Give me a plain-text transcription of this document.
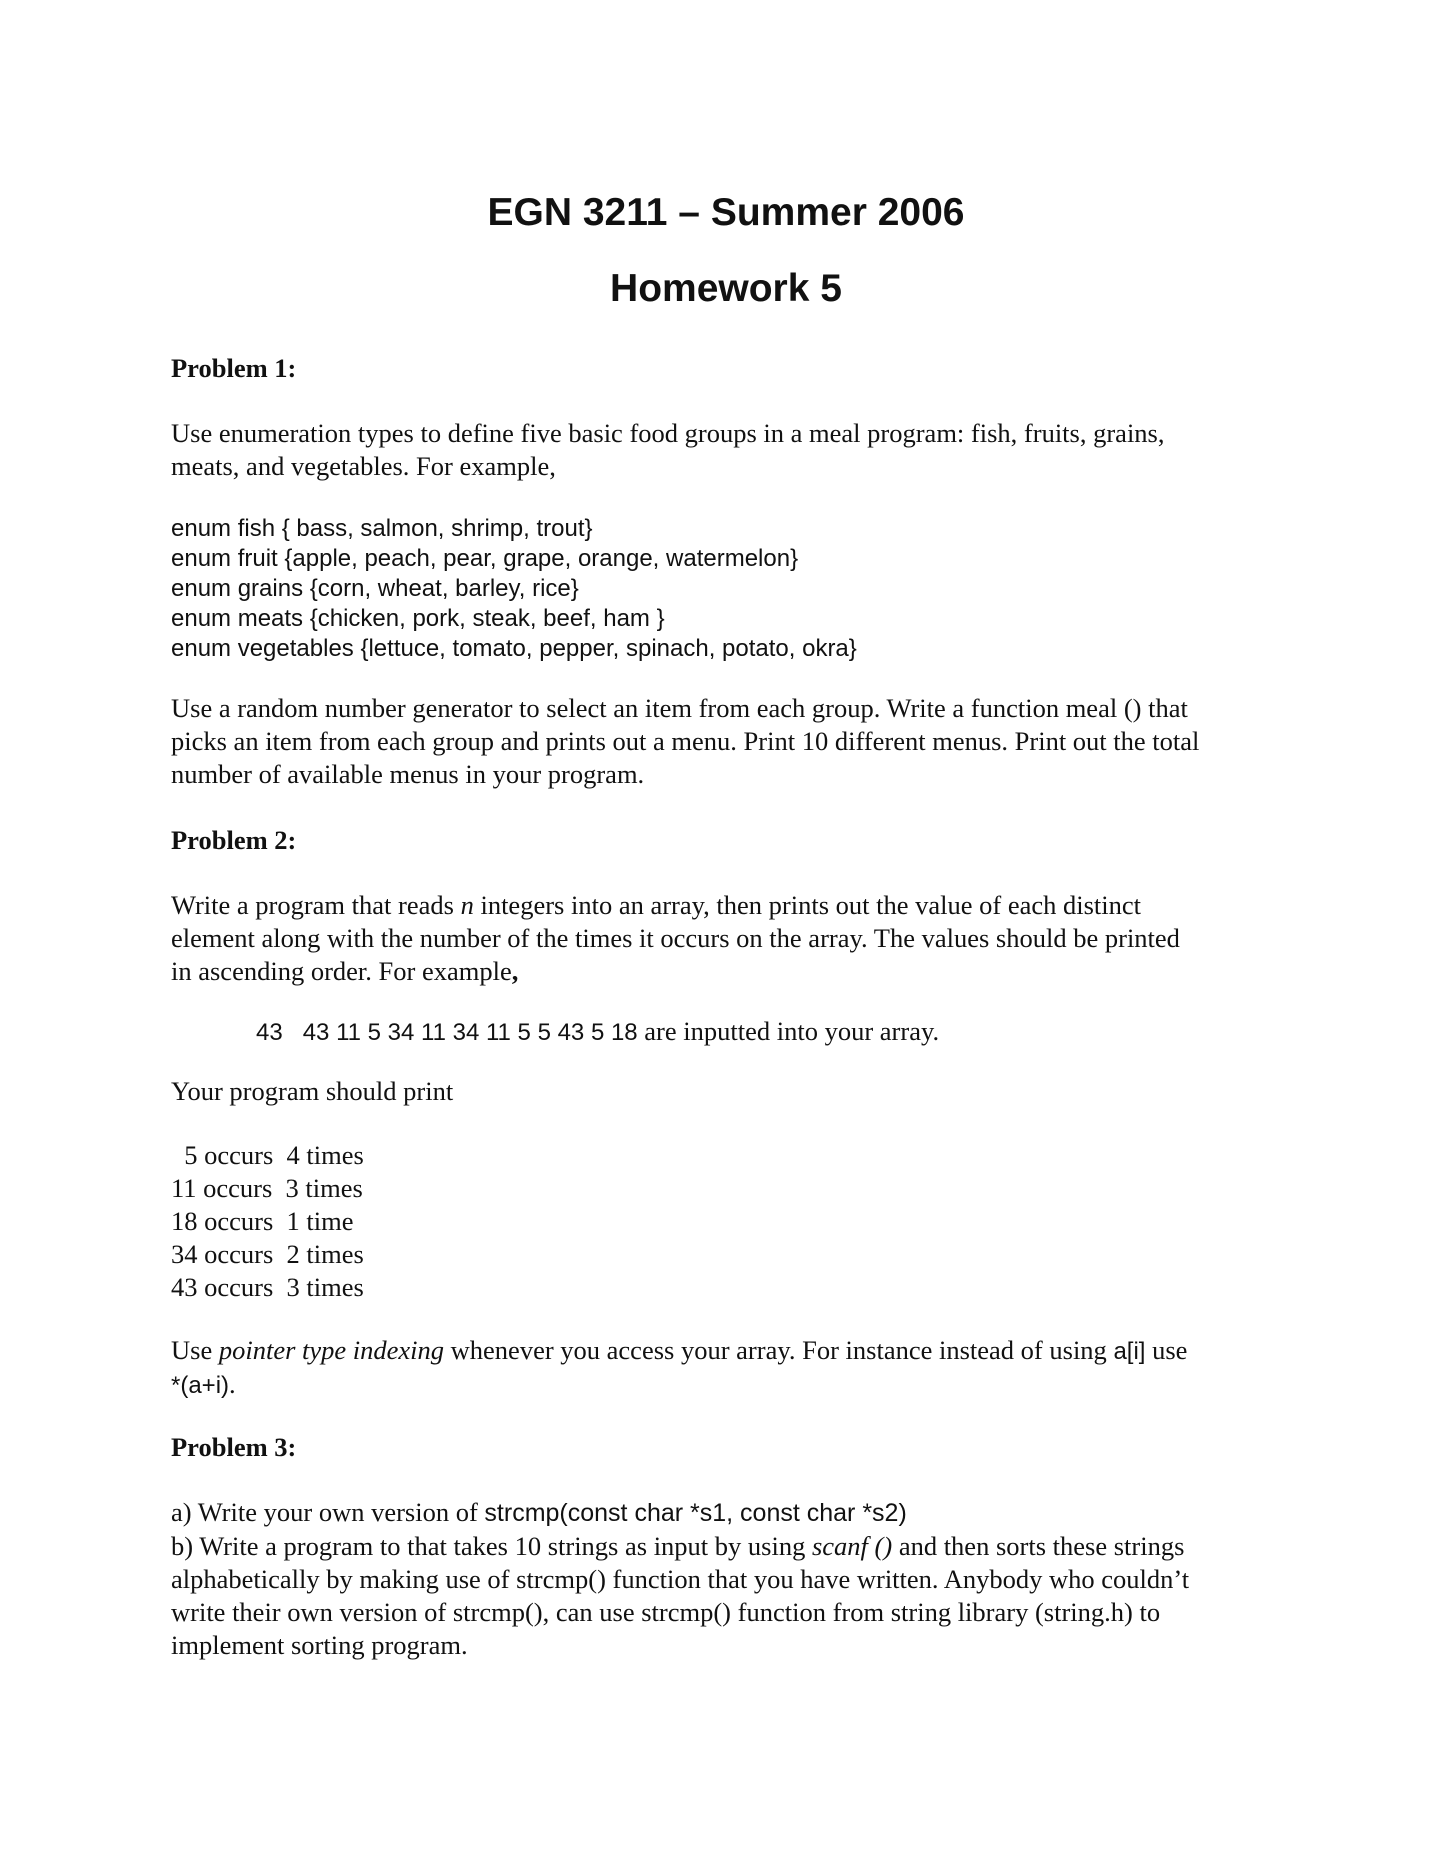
EGN 3211 – Summer 2006
Homework 5
Problem 1:
Use enumeration types to define five basic food groups in a meal program: fish, fruits, grains,
meats, and vegetables. For example,
enum fish { bass, salmon, shrimp, trout}
enum fruit {apple, peach, pear, grape, orange, watermelon}
enum grains {corn, wheat, barley, rice}
enum meats {chicken, pork, steak, beef, ham }
enum vegetables {lettuce, tomato, pepper, spinach, potato, okra}
Use a random number generator to select an item from each group. Write a function meal () that
picks an item from each group and prints out a menu. Print 10 different menus. Print out the total
number of available menus in your program.
Problem 2:
Write a program that reads n integers into an array, then prints out the value of each distinct
element along with the number of the times it occurs on the array. The values should be printed
in ascending order. For example,
43   43 11 5 34 11 34 11 5 5 43 5 18 are inputted into your array.
Your program should print
5 occurs  4 times
11 occurs  3 times
18 occurs  1 time
34 occurs  2 times
43 occurs  3 times
Use pointer type indexing whenever you access your array. For instance instead of using a[i] use
*(a+i).
Problem 3:
a) Write your own version of strcmp(const char *s1, const char *s2)
b) Write a program to that takes 10 strings as input by using scanf () and then sorts these strings
alphabetically by making use of strcmp() function that you have written. Anybody who couldn’t
write their own version of strcmp(), can use strcmp() function from string library (string.h) to
implement sorting program.
